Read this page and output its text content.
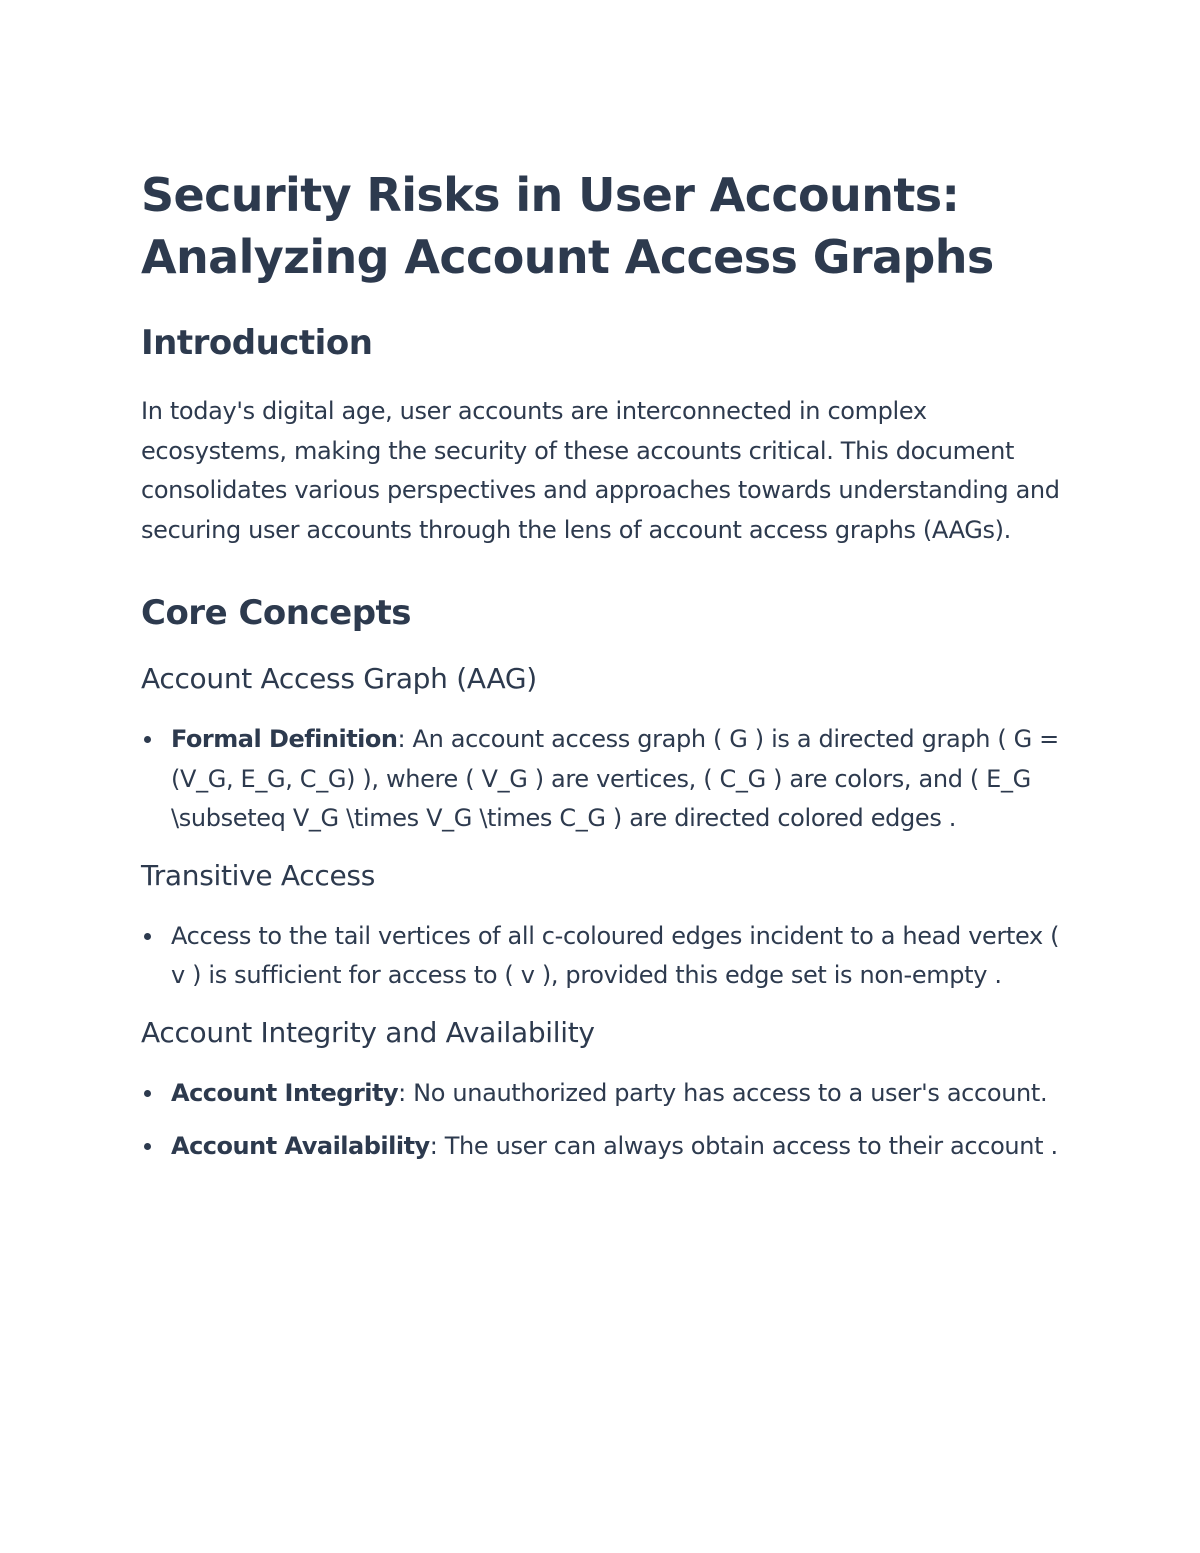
Security Risks in User Accounts:
Analyzing Account Access Graphs
Introduction

In today's digital age, user accounts are interconnected in complex ecosystems, making the security of these accounts critical. This document consolidates various perspectives and approaches towards understanding and securing user accounts through the lens of account access graphs (AAGs).

Core Concepts
Account Access Graph (AAG)
Formal Definition: An account access graph ( G ) is a directed graph ( G = (V_G, E_G, C_G) ), where ( V_G ) are vertices, ( C_G ) are colors, and ( E_G \subseteq V_G \times V_G \times C_G ) are directed colored edges .
Transitive Access
Access to the tail vertices of all c-coloured edges incident to a head vertex ( v ) is sufficient for access to ( v ), provided this edge set is non-empty .
Account Integrity and Availability
Account Integrity: No unauthorized party has access to a user's account.
Account Availability: The user can always obtain access to their account .
